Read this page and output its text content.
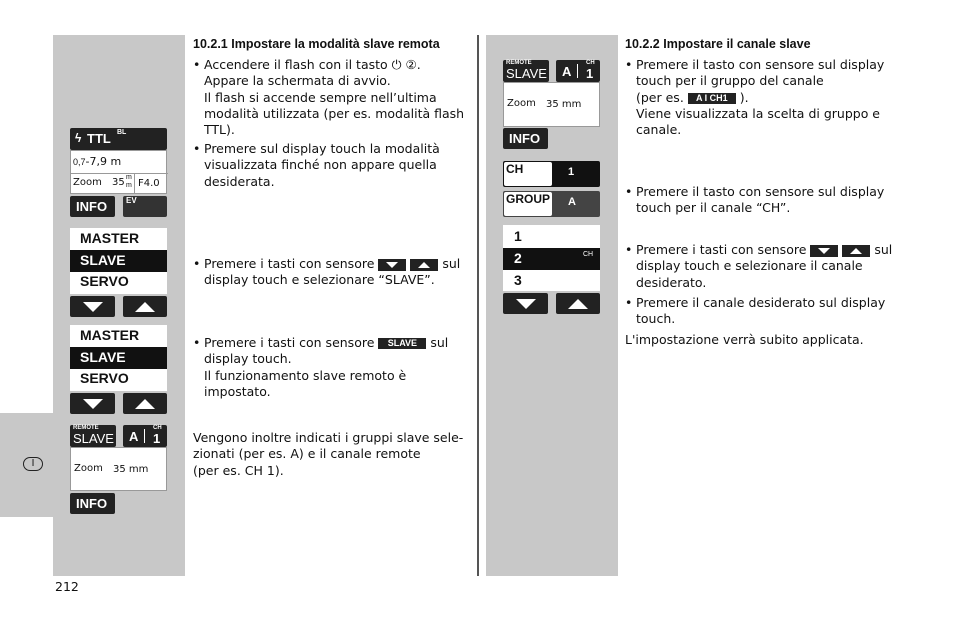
I
212
ϟ TTL BL
0,7-7,9 m
Zoom 35 m
m F4.0
INFO EV
MASTER
SLAVE
SERVO
MASTER
SLAVE
SERVO
REMOTE
SLAVE A
CH
1
Zoom 35 mm
INFO
10.2.1 Impostare la modalità slave remota
• Accendere il flash con il tasto ⏻ ②.
Appare la schermata di avvio.
Il flash si accende sempre nell’ultima
modalità utilizzata (per es. modalità flash
TTL).
• Premere sul display touch la modalità
visualizzata finché non appare quella
desiderata.
• Premere i tasti con sensore
	sul
display touch e selezionare “SLAVE”.
• Premere i tasti con sensore SLAVE sul
display touch.
Il funzionamento slave remoto è impostato.
Vengono inoltre indicati i gruppi slave sele-
zionati (per es. A) e il canale remote
(per es. CH 1).
REMOTE
SLAVE A
CH
1
Zoom 35 mm
INFO
CH	1
GROUP A
1
2	CH
3
10.2.2 Impostare il canale slave
• Premere il tasto con sensore sul display
touch per il gruppo del canale
(per es. A I CH1 ).
Viene visualizzata la scelta di gruppo e
canale.
• Premere il tasto con sensore sul display
touch per il canale “CH”.
• Premere i tasti con sensore
	sul
display touch e selezionare il canale
desiderato.
• Premere il canale desiderato sul display
touch.
L'impostazione verrà subito applicata.
